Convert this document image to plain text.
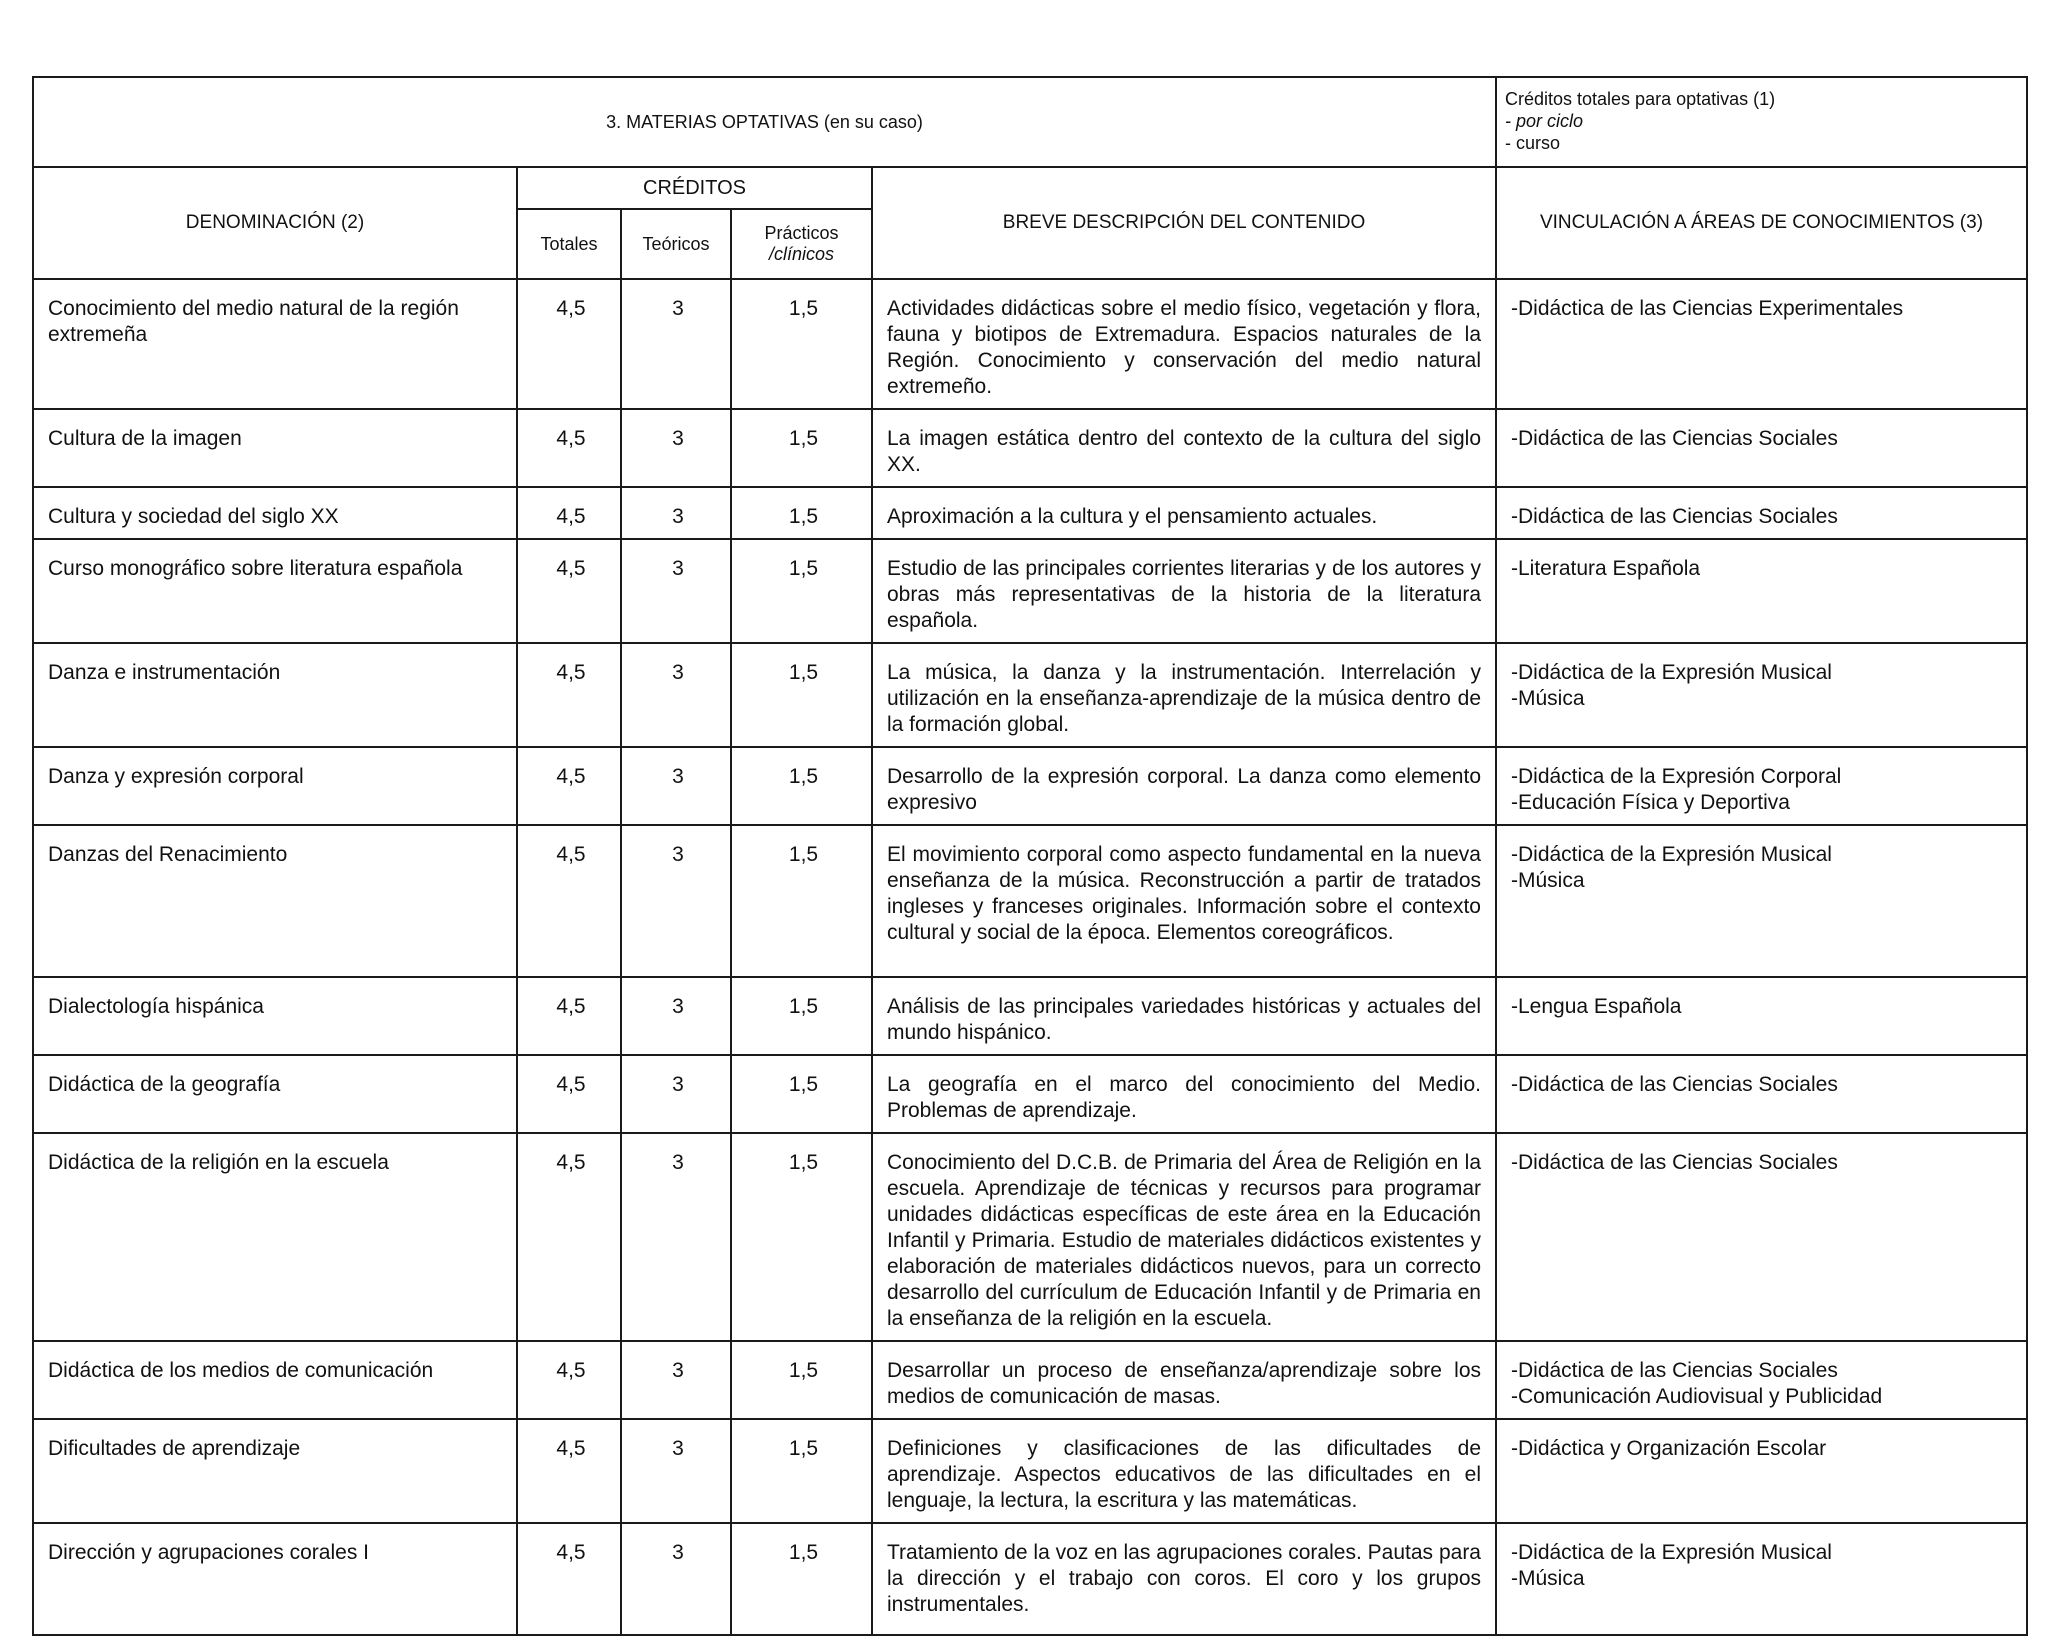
3. MATERIAS OPTATIVAS (en su caso)					Créditos totales para optativas (1)
- por ciclo
- curso

DENOMINACIÓN (2)	CRÉDITOS			BREVE DESCRIPCIÓN DEL CONTENIDO	VINCULACIÓN A ÁREAS DE CONOCIMIENTOS (3)
	Totales	Teóricos	Prácticos
/clínicos		

Conocimiento del medio natural de la región extremeña	4,5	3	1,5	Actividades didácticas sobre el medio físico, vegetación y flora, fauna y biotipos de Extremadura. Espacios naturales de la Región. Conocimiento y conservación del medio natural extremeño.	-Didáctica de las Ciencias Experimentales

Cultura de la imagen	4,5	3	1,5	La imagen estática dentro del contexto de la cultura del siglo XX.	-Didáctica de las Ciencias Sociales

Cultura y sociedad del siglo XX	4,5	3	1,5	Aproximación a la cultura y el pensamiento actuales.	-Didáctica de las Ciencias Sociales

Curso monográfico sobre literatura española	4,5	3	1,5	Estudio de las principales corrientes literarias y de los autores y obras más representativas de la historia de la literatura española.	-Literatura Española

Danza e instrumentación	4,5	3	1,5	La música, la danza y la instrumentación. Interrelación y utilización en la enseñanza-aprendizaje de la música dentro de la formación global.	-Didáctica de la Expresión Musical
-Música

Danza y expresión corporal	4,5	3	1,5	Desarrollo de la expresión corporal. La danza como elemento expresivo	-Didáctica de la Expresión Corporal
-Educación Física y Deportiva

Danzas del Renacimiento	4,5	3	1,5	El movimiento corporal como aspecto fundamental en la nueva enseñanza de la música. Reconstrucción a partir de tratados ingleses y franceses originales. Información sobre el contexto cultural y social de la época. Elementos coreográficos.	-Didáctica de la Expresión Musical
-Música

Dialectología hispánica	4,5	3	1,5	Análisis de las principales variedades históricas y actuales del mundo hispánico.	-Lengua Española

Didáctica de la geografía	4,5	3	1,5	La geografía en el marco del conocimiento del Medio. Problemas de aprendizaje.	-Didáctica de las Ciencias Sociales

Didáctica de la religión en la escuela	4,5	3	1,5	Conocimiento del D.C.B. de Primaria del Área de Religión en la escuela. Aprendizaje de técnicas y recursos para programar unidades didácticas específicas de este área en la Educación Infantil y Primaria. Estudio de materiales didácticos existentes y elaboración de materiales didácticos nuevos, para un correcto desarrollo del currículum de Educación Infantil y de Primaria en la enseñanza de la religión en la escuela.	-Didáctica de las Ciencias Sociales

Didáctica de los medios de comunicación	4,5	3	1,5	Desarrollar un proceso de enseñanza/aprendizaje sobre los medios de comunicación de masas.	-Didáctica de las Ciencias Sociales
-Comunicación Audiovisual y Publicidad

Dificultades de aprendizaje	4,5	3	1,5	Definiciones y clasificaciones de las dificultades de aprendizaje. Aspectos educativos de las dificultades en el lenguaje, la lectura, la escritura y las matemáticas.	-Didáctica y Organización Escolar

Dirección y agrupaciones corales I	4,5	3	1,5	Tratamiento de la voz en las agrupaciones corales. Pautas para la dirección y el trabajo con coros. El coro y los grupos instrumentales.	-Didáctica de la Expresión Musical
-Música
